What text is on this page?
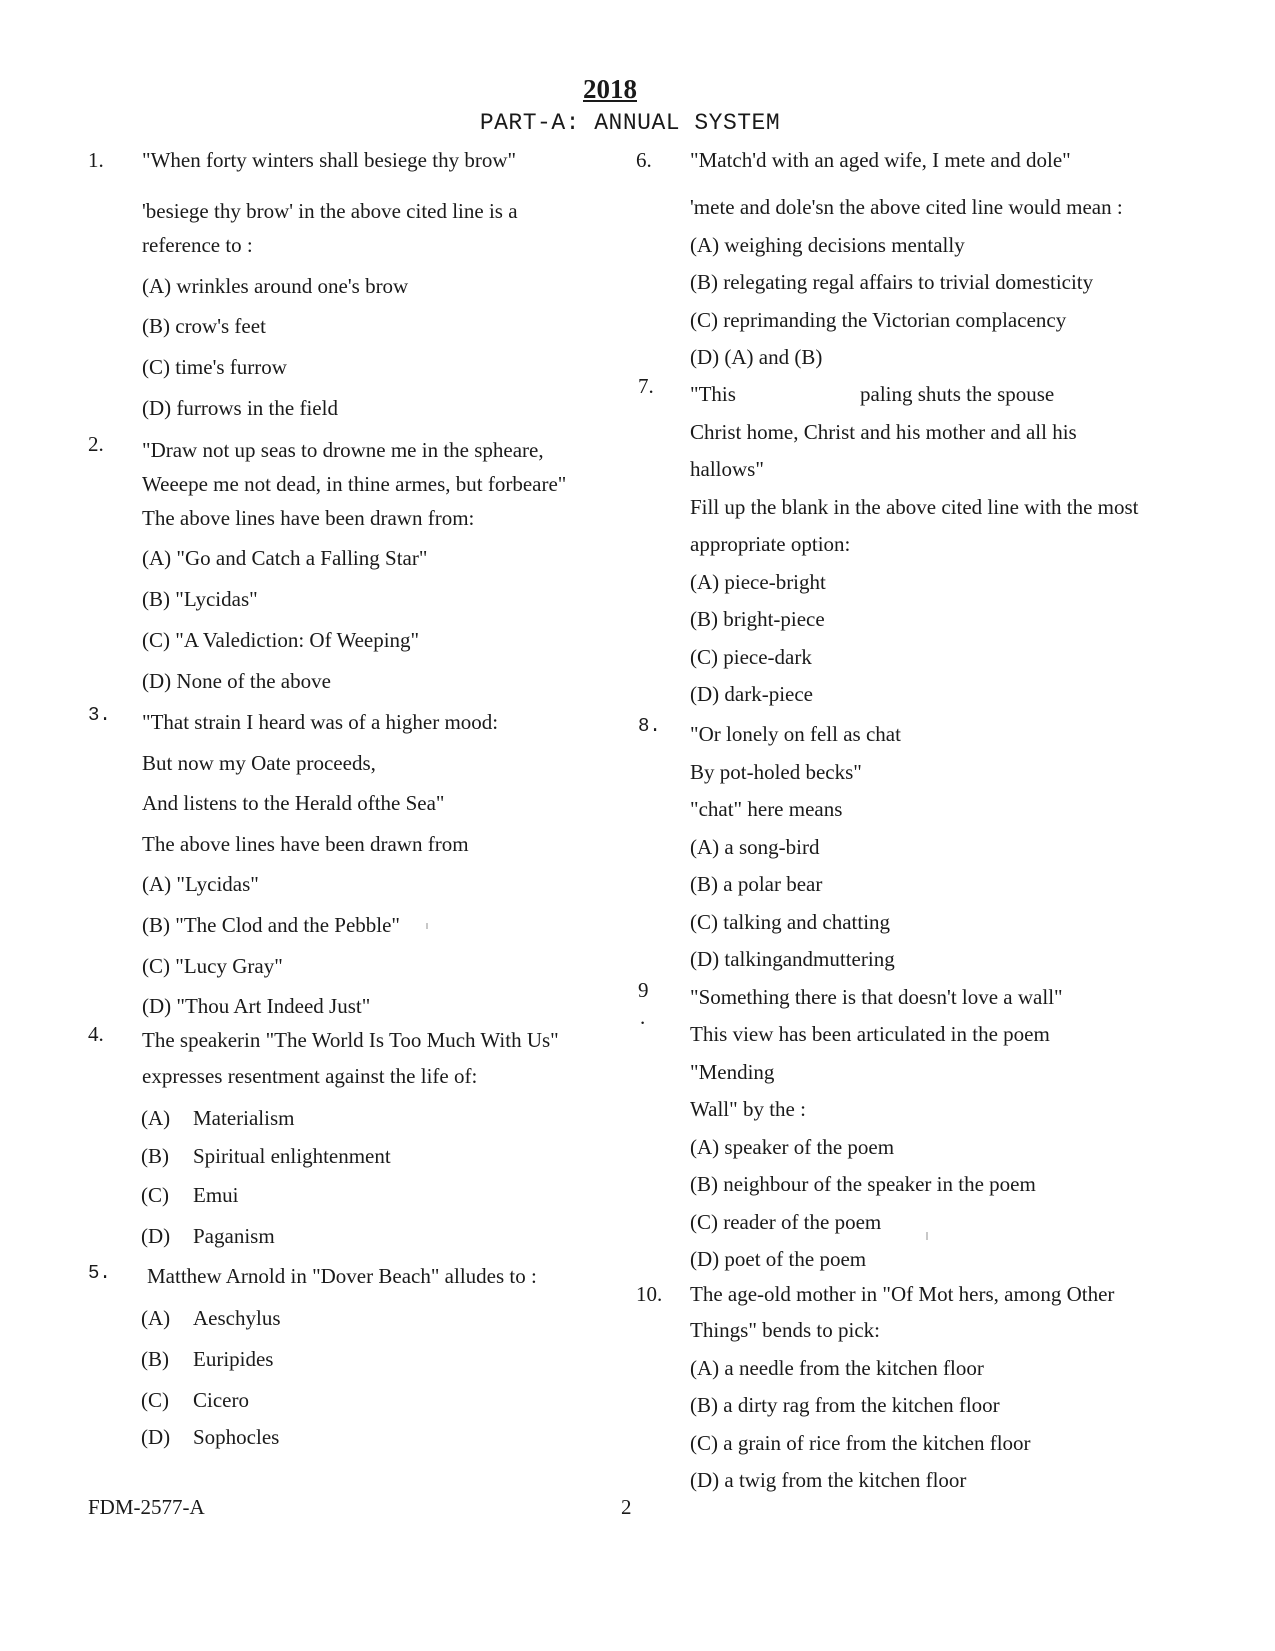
2018
PART-A: ANNUAL SYSTEM
1. "When forty winters shall besiege thy brow"
'besiege thy brow' in the above cited line is a
reference to :
(A) wrinkles around one's brow
(B) crow's feet
(C) time's furrow
(D) furrows in the field
2. "Draw not up seas to drowne me in the spheare,
Weeepe me not dead, in thine armes, but forbeare"
The above lines have been drawn from:
(A) "Go and Catch a Falling Star"
(B) "Lycidas"
(C) "A Valediction: Of Weeping"
(D) None of the above
3. "That strain I heard was of a higher mood:
But now my Oate proceeds,
And listens to the Herald ofthe Sea"
The above lines have been drawn from
(A) "Lycidas"
(B) "The Clod and the Pebble"
(C) "Lucy Gray"
(D) "Thou Art Indeed Just"
4. The speakerin "The World Is Too Much With Us"
expresses resentment against the life of:
(A) Materialism
(B) Spiritual enlightenment
(C) Emui
(D) Paganism
5. Matthew Arnold in "Dover Beach" alludes to :
(A) Aeschylus
(B) Euripides
(C) Cicero
(D) Sophocles
6. "Match'd with an aged wife, I mete and dole"
'mete and dole'sn the above cited line would mean :
(A) weighing decisions mentally
(B) relegating regal affairs to trivial domesticity
(C) reprimanding the Victorian complacency
(D) (A) and (B)
7. "This	paling shuts the spouse
Christ home, Christ and his mother and all his
hallows"
Fill up the blank in the above cited line with the most
appropriate option:
(A) piece-bright
(B) bright-piece
(C) piece-dark
(D) dark-piece
8. "Or lonely on fell as chat
By pot-holed becks"
"chat" here means
(A) a song-bird
(B) a polar bear
(C) talking and chatting
(D) talkingandmuttering
9
.
"Something there is that doesn't love a wall"
This view has been articulated in the poem
"Mending
Wall" by the :
(A) speaker of the poem
(B) neighbour of the speaker in the poem
(C) reader of the poem
(D) poet of the poem
10. The age-old mother in "Of Mot hers, among Other
Things" bends to pick:
(A) a needle from the kitchen floor
(B) a dirty rag from the kitchen floor
(C) a grain of rice from the kitchen floor
(D) a twig from the kitchen floor
FDM-2577-A	2
